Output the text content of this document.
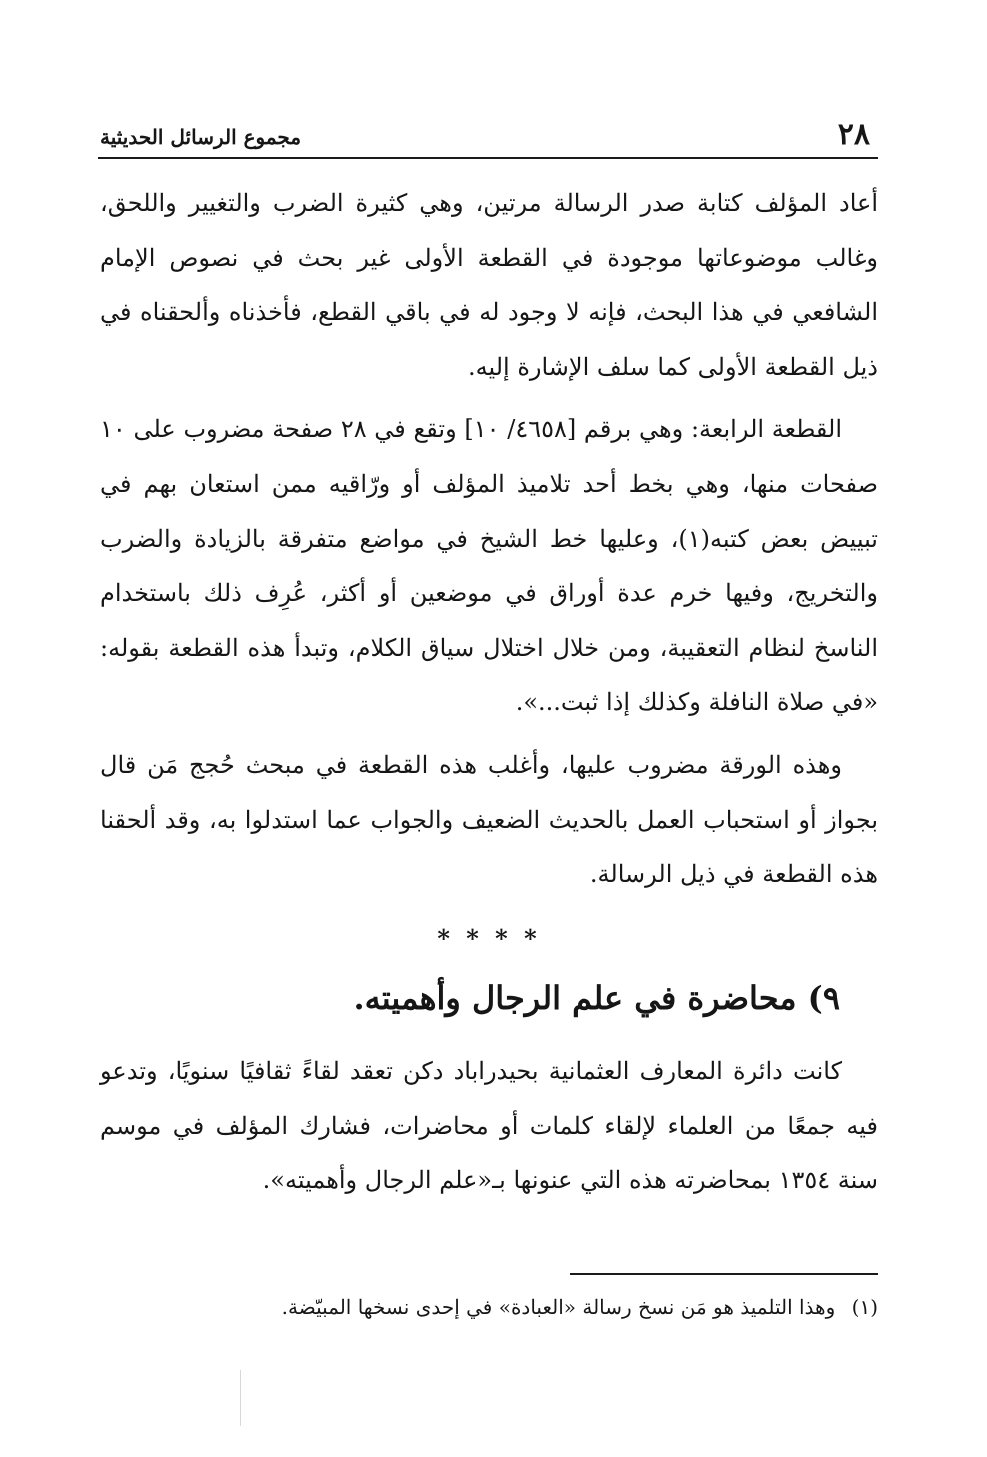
٢٨
مجموع الرسائل الحديثية

أعاد المؤلف كتابة صدر الرسالة مرتين، وهي كثيرة الضرب والتغيير واللحق، وغالب موضوعاتها موجودة في القطعة الأولى غير بحث في نصوص الإمام الشافعي في هذا البحث، فإنه لا وجود له في باقي القطع، فأخذناه وألحقناه في ذيل القطعة الأولى كما سلف الإشارة إليه.

القطعة الرابعة: وهي برقم [٤٦٥٨/ ١٠] وتقع في ٢٨ صفحة مضروب على ١٠ صفحات منها، وهي بخط أحد تلاميذ المؤلف أو ورّاقيه ممن استعان بهم في تبييض بعض كتبه(١)، وعليها خط الشيخ في مواضع متفرقة بالزيادة والضرب والتخريج، وفيها خرم عدة أوراق في موضعين أو أكثر، عُرِف ذلك باستخدام الناسخ لنظام التعقيبة، ومن خلال اختلال سياق الكلام، وتبدأ هذه القطعة بقوله: «في صلاة النافلة وكذلك إذا ثبت...».

وهذه الورقة مضروب عليها، وأغلب هذه القطعة في مبحث حُجج مَن قال بجواز أو استحباب العمل بالحديث الضعيف والجواب عما استدلوا به، وقد ألحقنا هذه القطعة في ذيل الرسالة.

* * * *
٩) محاضرة في علم الرجال وأهميته.

كانت دائرة المعارف العثمانية بحيدراباد دكن تعقد لقاءً ثقافيًا سنويًا، وتدعو فيه جمعًا من العلماء لإلقاء كلمات أو محاضرات، فشارك المؤلف في موسم سنة ١٣٥٤ بمحاضرته هذه التي عنونها بـ«علم الرجال وأهميته».

(١) وهذا التلميذ هو مَن نسخ رسالة «العبادة» في إحدى نسخها المبيّضة.
